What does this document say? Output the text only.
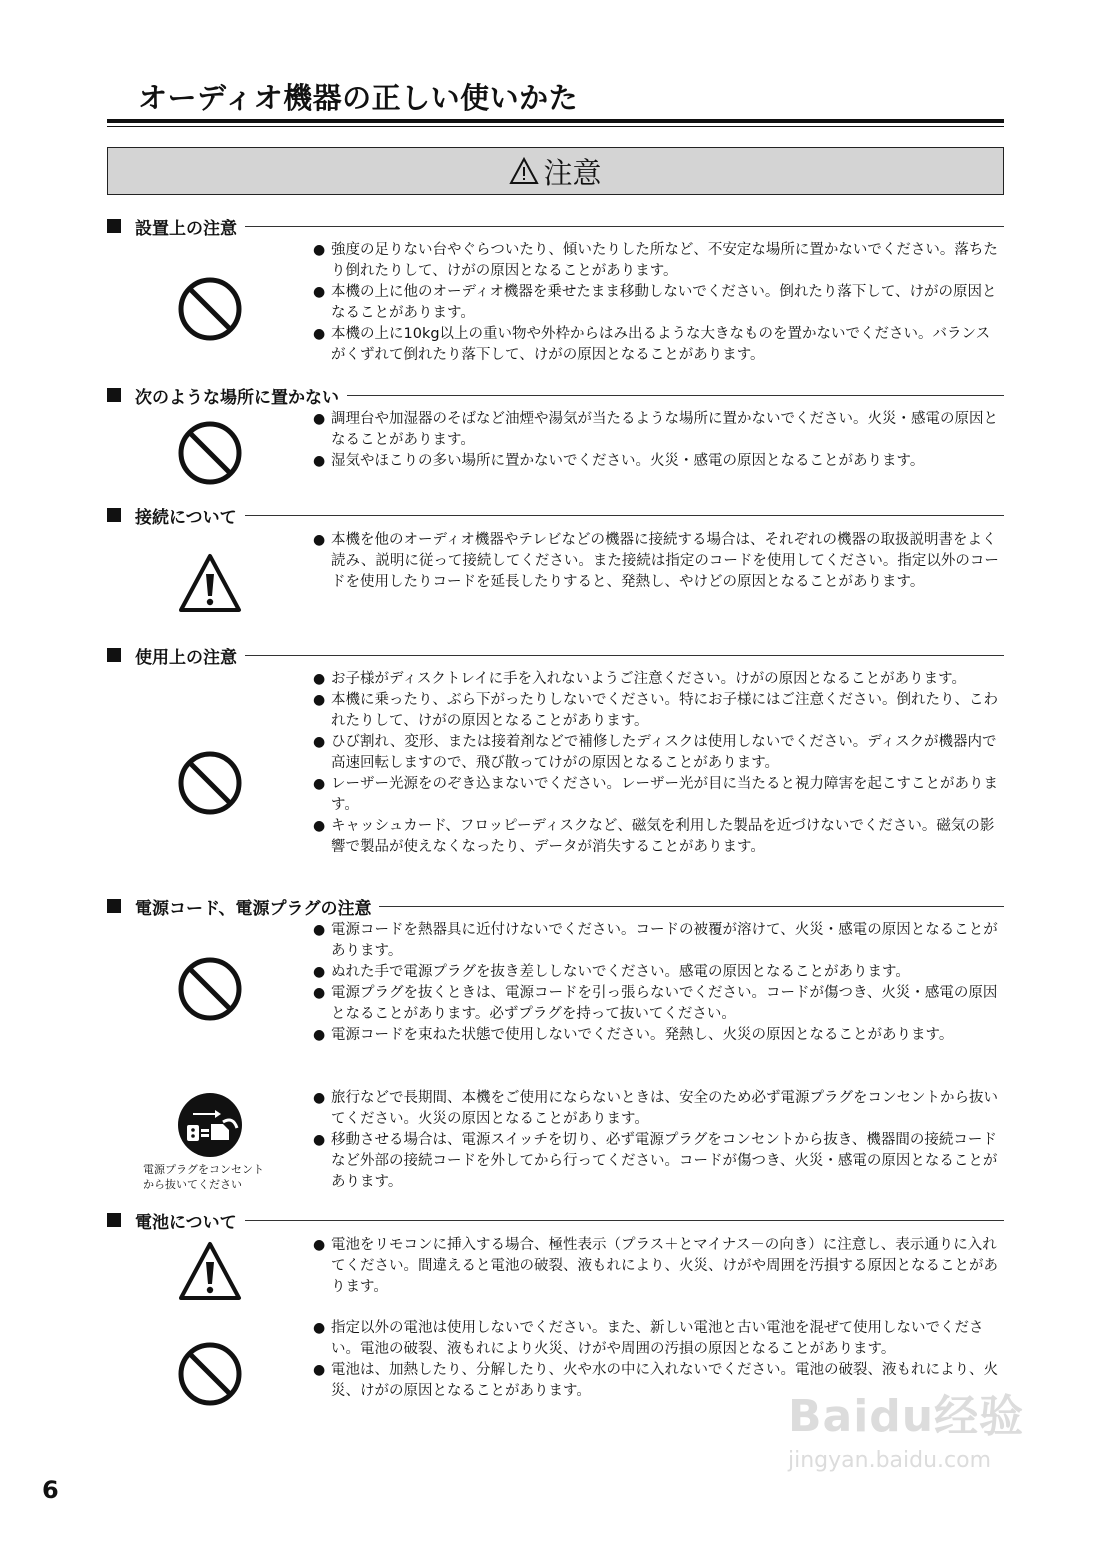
オーディオ機器の正しい使いかた
注意
設置上の注意

● 強度の足りない台やぐらついたり、傾いたりした所など、不安定な場所に置かないでください。落ちたり倒れたりして、けがの原因となることがあります。

● 本機の上に他のオーディオ機器を乗せたまま移動しないでください。倒れたり落下して、けがの原因となることがあります。

● 本機の上に10kg以上の重い物や外枠からはみ出るような大きなものを置かないでください。バランスがくずれて倒れたり落下して、けがの原因となることがあります。

次のような場所に置かない

● 調理台や加湿器のそばなど油煙や湯気が当たるような場所に置かないでください。火災・感電の原因となることがあります。

● 湿気やほこりの多い場所に置かないでください。火災・感電の原因となることがあります。

接続について

● 本機を他のオーディオ機器やテレビなどの機器に接続する場合は、それぞれの機器の取扱説明書をよく読み、説明に従って接続してください。また接続は指定のコードを使用してください。指定以外のコードを使用したりコードを延長したりすると、発熱し、やけどの原因となることがあります。

使用上の注意

● お子様がディスクトレイに手を入れないようご注意ください。けがの原因となることがあります。

● 本機に乗ったり、ぶら下がったりしないでください。特にお子様にはご注意ください。倒れたり、こわれたりして、けがの原因となることがあります。

● ひび割れ、変形、または接着剤などで補修したディスクは使用しないでください。ディスクが機器内で高速回転しますので、飛び散ってけがの原因となることがあります。

● レーザー光源をのぞき込まないでください。レーザー光が目に当たると視力障害を起こすことがあります。

● キャッシュカード、フロッピーディスクなど、磁気を利用した製品を近づけないでください。磁気の影響で製品が使えなくなったり、データが消失することがあります。

電源コード、電源プラグの注意

● 電源コードを熱器具に近付けないでください。コードの被覆が溶けて、火災・感電の原因となることがあります。

● ぬれた手で電源プラグを抜き差ししないでください。感電の原因となることがあります。

● 電源プラグを抜くときは、電源コードを引っ張らないでください。コードが傷つき、火災・感電の原因となることがあります。必ずプラグを持って抜いてください。

● 電源コードを束ねた状態で使用しないでください。発熱し、火災の原因となることがあります。

電源プラグをコンセント
から抜いてください

● 旅行などで長期間、本機をご使用にならないときは、安全のため必ず電源プラグをコンセントから抜いてください。火災の原因となることがあります。

● 移動させる場合は、電源スイッチを切り、必ず電源プラグをコンセントから抜き、機器間の接続コードなど外部の接続コードを外してから行ってください。コードが傷つき、火災・感電の原因となることがあります。

電池について

● 電池をリモコンに挿入する場合、極性表示（プラス＋とマイナス－の向き）に注意し、表示通りに入れてください。間違えると電池の破裂、液もれにより、火災、けがや周囲を汚損する原因となることがあります。

● 指定以外の電池は使用しないでください。また、新しい電池と古い電池を混ぜて使用しないでください。電池の破裂、液もれにより火災、けがや周囲の汚損の原因となることがあります。

● 電池は、加熱したり、分解したり、火や水の中に入れないでください。電池の破裂、液もれにより、火災、けがの原因となることがあります。

6
Baidu经验
jingyan.baidu.com
